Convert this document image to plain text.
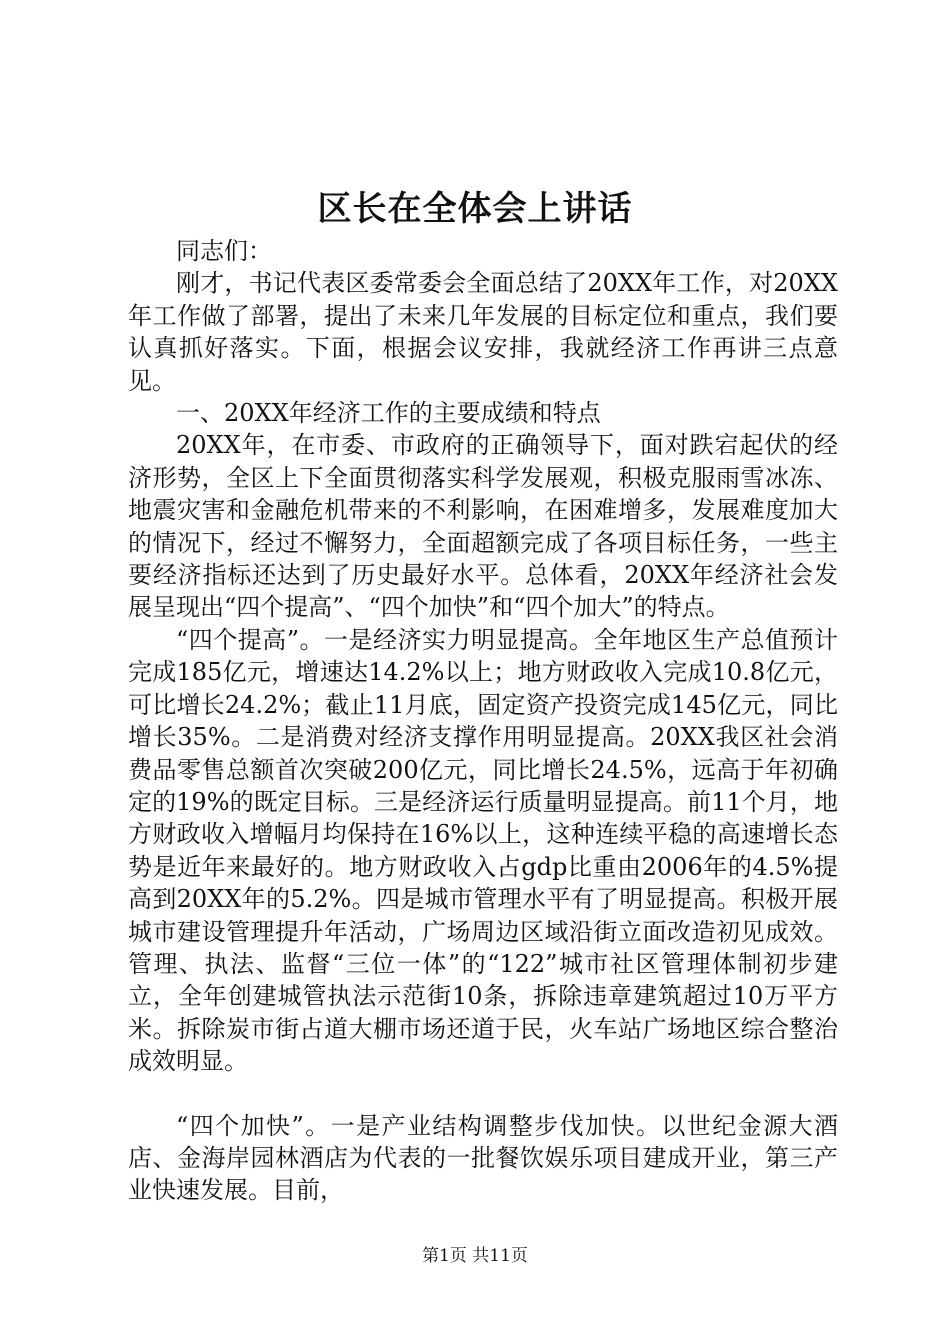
区长在全体会上讲话

同志们：

刚才，书记代表区委常委会全面总结了20XX年工作，对20XX年工作做了部署，提出了未来几年发展的目标定位和重点，我们要认真抓好落实。下面，根据会议安排，我就经济工作再讲三点意见。

一、20XX年经济工作的主要成绩和特点

20XX年，在市委、市政府的正确领导下，面对跌宕起伏的经济形势，全区上下全面贯彻落实科学发展观，积极克服雨雪冰冻、地震灾害和金融危机带来的不利影响，在困难增多，发展难度加大的情况下，经过不懈努力，全面超额完成了各项目标任务，一些主要经济指标还达到了历史最好水平。总体看，20XX年经济社会发展呈现出“四个提高”、“四个加快”和“四个加大”的特点。

“四个提高”。一是经济实力明显提高。全年地区生产总值预计完成185亿元，增速达14.2%以上；地方财政收入完成10.8亿元，可比增长24.2%；截止11月底，固定资产投资完成145亿元，同比增长35%。二是消费对经济支撑作用明显提高。20XX我区社会消费品零售总额首次突破200亿元，同比增长24.5%，远高于年初确定的19%的既定目标。三是经济运行质量明显提高。前11个月，地方财政收入增幅月均保持在16%以上，这种连续平稳的高速增长态势是近年来最好的。地方财政收入占gdp比重由2006年的4.5%提高到20XX年的5.2%。四是城市管理水平有了明显提高。积极开展城市建设管理提升年活动，广场周边区域沿街立面改造初见成效。管理、执法、监督“三位一体”的“122”城市社区管理体制初步建立，全年创建城管执法示范街10条，拆除违章建筑超过10万平方米。拆除炭市街占道大棚市场还道于民，火车站广场地区综合整治成效明显。

“四个加快”。一是产业结构调整步伐加快。以世纪金源大酒店、金海岸园林酒店为代表的一批餐饮娱乐项目建成开业，第三产业快速发展。目前，

第1页 共11页
